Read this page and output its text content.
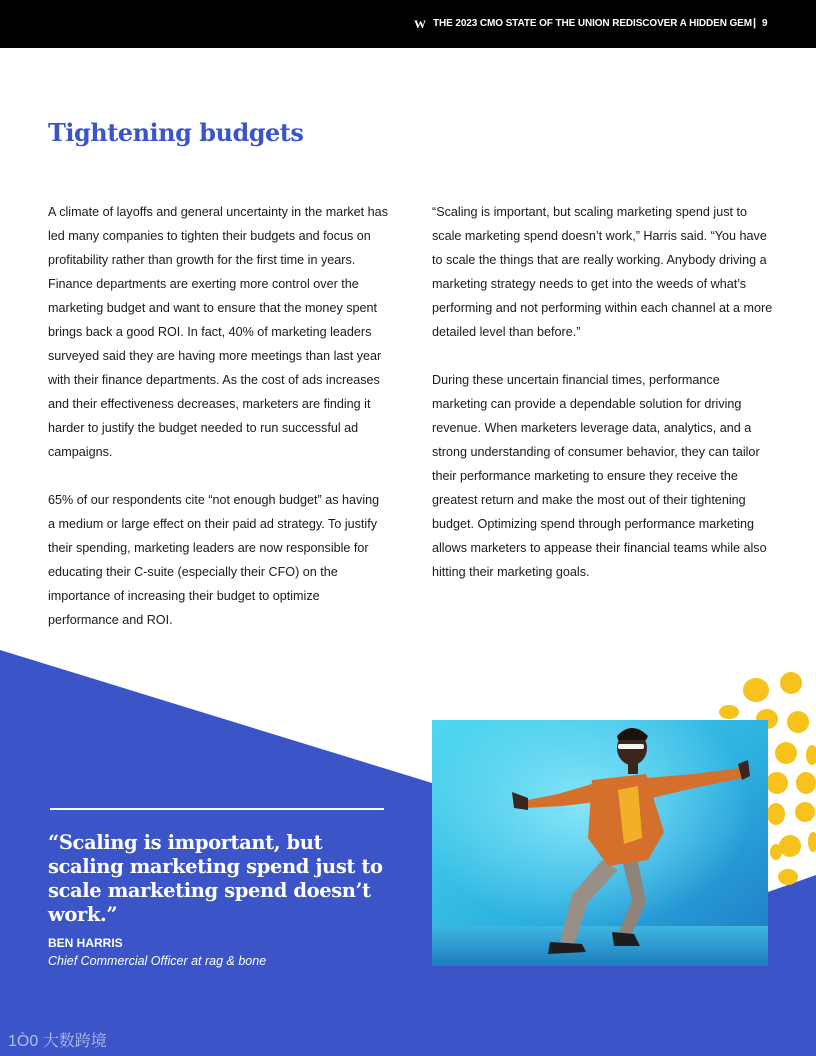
W THE 2023 CMO STATE OF THE UNION REDISCOVER A HIDDEN GEM | 9
Tightening budgets

A climate of layoffs and general uncertainty in the market has led many companies to tighten their budgets and focus on profitability rather than growth for the first time in years. Finance departments are exerting more control over the marketing budget and want to ensure that the money spent brings back a good ROI. In fact, 40% of marketing leaders surveyed said they are having more meetings than last year with their finance departments. As the cost of ads increases and their effectiveness decreases, marketers are finding it harder to justify the budget needed to run successful ad campaigns.

65% of our respondents cite “not enough budget” as having a medium or large effect on their paid ad strategy. To justify their spending, marketing leaders are now responsible for educating their C-suite (especially their CFO) on the importance of increasing their budget to optimize performance and ROI.

“Scaling is important, but scaling marketing spend just to scale marketing spend doesn’t work,” Harris said. “You have to scale the things that are really working. Anybody driving a marketing strategy needs to get into the weeds of what’s performing and not performing within each channel at a more detailed level than before.”

During these uncertain financial times, performance marketing can provide a dependable solution for driving revenue. When marketers leverage data, analytics, and a strong understanding of consumer behavior, they can tailor their performance marketing to ensure they receive the greatest return and make the most out of their tightening budget. Optimizing spend through performance marketing allows marketers to appease their financial teams while also hitting their marketing goals.

“Scaling is important, but scaling marketing spend just to scale marketing spend doesn’t work.”

BEN HARRIS
Chief Commercial Officer at rag & bone
1Ò0 大数跨境
